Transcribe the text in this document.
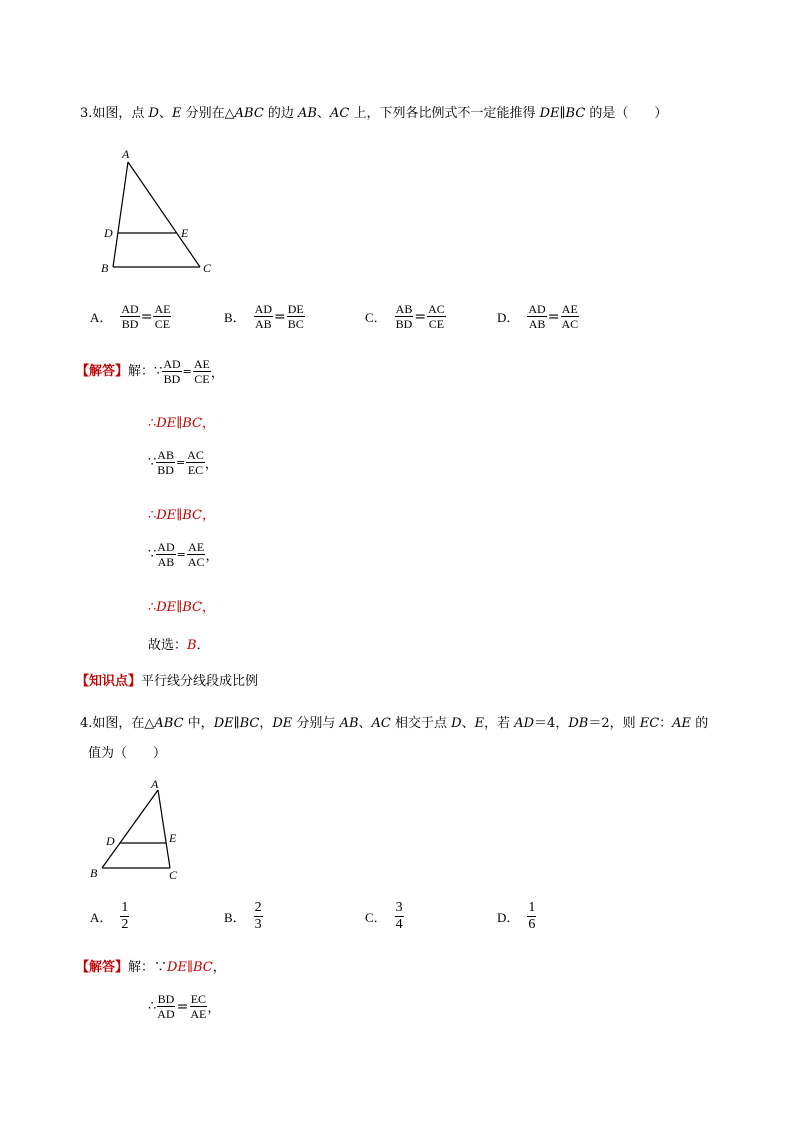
3.如图，点 D、E 分别在△ABC 的边 AB、AC 上，下列各比例式不一定能推得 DE∥BC 的是（　　）
A
D	E
B	C
A． $\frac{AD}{BD} = \frac{AE}{CE}$	B． $\frac{AD}{AB} = \frac{DE}{BC}$	C． $\frac{AB}{BD} = \frac{AC}{CE}$	D． $\frac{AD}{AB} = \frac{AE}{AC}$
【解答】解：∵ $\frac{AD}{BD} = \frac{AE}{CE}$ ，
∴DE∥BC，
∵ $\frac{AB}{BD} = \frac{AC}{EC}$ ，
∴DE∥BC，
∵ $\frac{AD}{AB} = \frac{AE}{AC}$ ，
∴DE∥BC，
故选：B．
【知识点】平行线分线段成比例
4.如图，在△ABC 中，DE∥BC，DE 分别与 AB、AC 相交于点 D、E，若 AD＝4，DB＝2，则 EC：AE 的
值为（　　）
A
D	E
B	C
A． $\frac{1}{2}$	B． $\frac{2}{3}$	C． $\frac{3}{4}$	D． $\frac{1}{6}$
【解答】解：∵DE∥BC，
∴ $\frac{BD}{AD} = \frac{EC}{AE}$ ，
